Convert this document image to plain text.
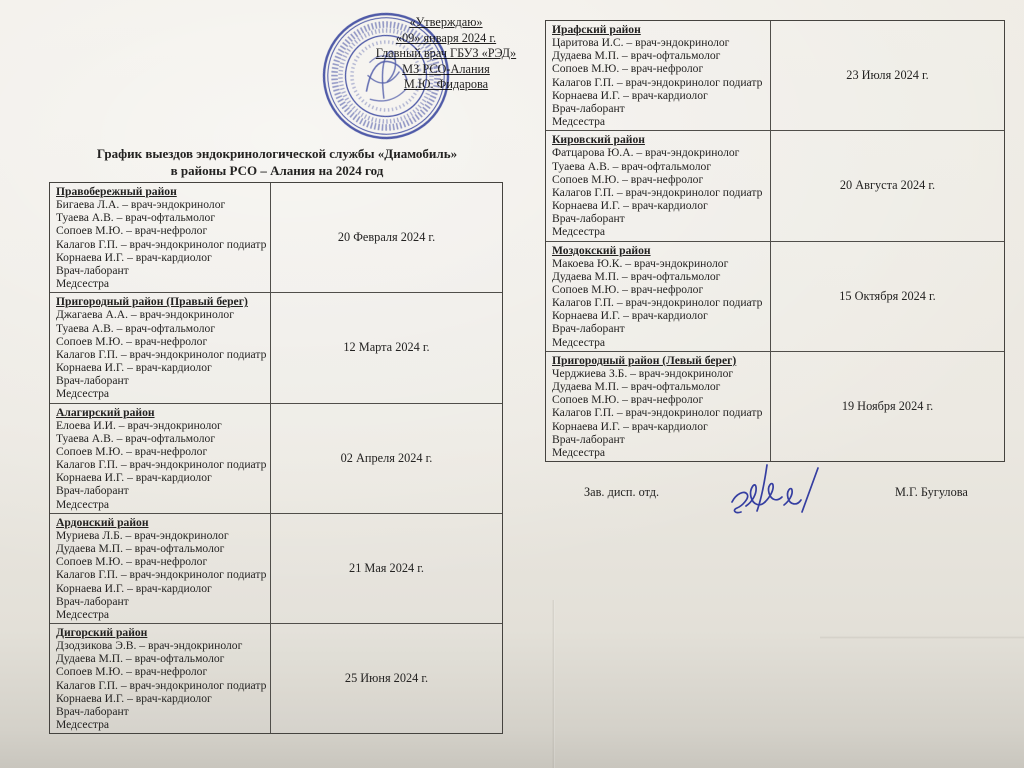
«Утверждаю»
«09» января 2024 г.
Главный врач ГБУЗ «РЭД»
МЗ РСО-Алания
М.Ю. Фидарова
График выездов эндокринологической службы «Диамобиль»
в районы РСО – Алания на 2024 год
Правобережный район
Бигаева Л.А. – врач-эндокринолог
Туаева А.В. – врач-офтальмолог
Сопоев М.Ю. – врач-нефролог
Калагов Г.П. – врач-эндокринолог подиатр
Корнаева И.Г. – врач-кардиолог
Врач-лаборант
Медсестра
20 Февраля 2024 г.
Пригородный район (Правый берег)
Джагаева А.А. – врач-эндокринолог
Туаева А.В. – врач-офтальмолог
Сопоев М.Ю. – врач-нефролог
Калагов Г.П. – врач-эндокринолог подиатр
Корнаева И.Г. – врач-кардиолог
Врач-лаборант
Медсестра
12 Марта 2024 г.
Алагирский район
Елоева И.И. – врач-эндокринолог
Туаева А.В. – врач-офтальмолог
Сопоев М.Ю. – врач-нефролог
Калагов Г.П. – врач-эндокринолог подиатр
Корнаева И.Г. – врач-кардиолог
Врач-лаборант
Медсестра
02 Апреля 2024 г.
Ардонский район
Муриева Л.Б. – врач-эндокринолог
Дудаева М.П. – врач-офтальмолог
Сопоев М.Ю. – врач-нефролог
Калагов Г.П. – врач-эндокринолог подиатр
Корнаева И.Г. – врач-кардиолог
Врач-лаборант
Медсестра
21 Мая 2024 г.
Дигорский район
Дзодзикова Э.В. – врач-эндокринолог
Дудаева М.П. – врач-офтальмолог
Сопоев М.Ю. – врач-нефролог
Калагов Г.П. – врач-эндокринолог подиатр
Корнаева И.Г. – врач-кардиолог
Врач-лаборант
Медсестра
25 Июня 2024 г.
Ирафский район
Царитова И.С. – врач-эндокринолог
Дудаева М.П. – врач-офтальмолог
Сопоев М.Ю. – врач-нефролог
Калагов Г.П. – врач-эндокринолог подиатр
Корнаева И.Г. – врач-кардиолог
Врач-лаборант
Медсестра
23 Июля 2024 г.
Кировский район
Фатцарова Ю.А. – врач-эндокринолог
Туаева А.В. – врач-офтальмолог
Сопоев М.Ю. – врач-нефролог
Калагов Г.П. – врач-эндокринолог подиатр
Корнаева И.Г. – врач-кардиолог
Врач-лаборант
Медсестра
20 Августа 2024 г.
Моздокский район
Макоева Ю.К. – врач-эндокринолог
Дудаева М.П. – врач-офтальмолог
Сопоев М.Ю. – врач-нефролог
Калагов Г.П. – врач-эндокринолог подиатр
Корнаева И.Г. – врач-кардиолог
Врач-лаборант
Медсестра
15 Октября 2024 г.
Пригородный район (Левый берег)
Черджиева З.Б. – врач-эндокринолог
Дудаева М.П. – врач-офтальмолог
Сопоев М.Ю. – врач-нефролог
Калагов Г.П. – врач-эндокринолог подиатр
Корнаева И.Г. – врач-кардиолог
Врач-лаборант
Медсестра
19 Ноября 2024 г.
Зав. дисп. отд.	М.Г. Бугулова
